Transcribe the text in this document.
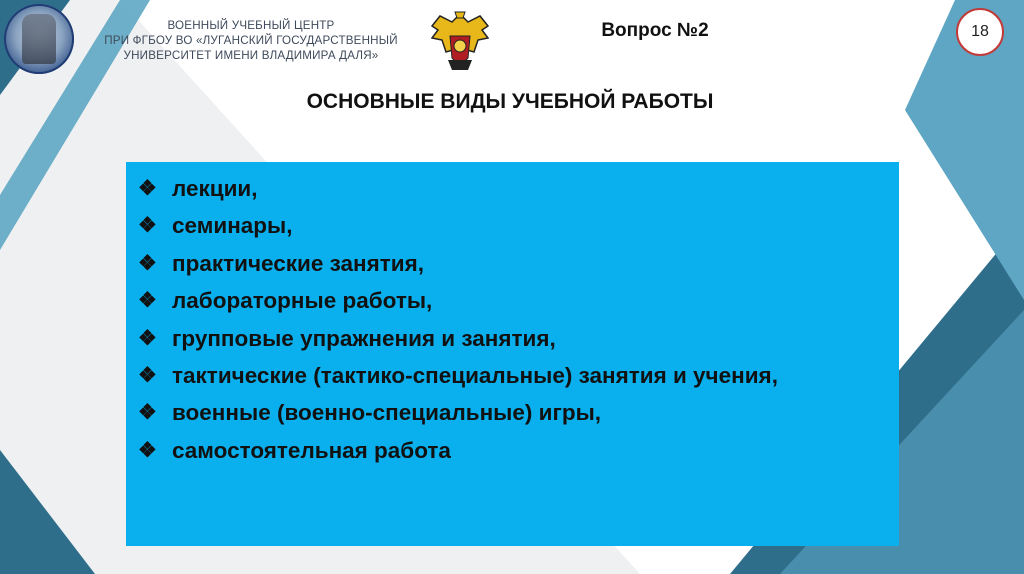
ВОЕННЫЙ УЧЕБНЫЙ ЦЕНТР
ПРИ ФГБОУ ВО «ЛУГАНСКИЙ ГОСУДАРСТВЕННЫЙ
УНИВЕРСИТЕТ ИМЕНИ ВЛАДИМИРА ДАЛЯ»
Вопрос №2	18
ОСНОВНЫЕ ВИДЫ УЧЕБНОЙ РАБОТЫ
❖ лекции,
❖ семинары,
❖ практические занятия,
❖ лабораторные работы,
❖ групповые упражнения и занятия,
❖ тактические (тактико-специальные) занятия и учения,
❖ военные (военно-специальные) игры,
❖ самостоятельная работа
